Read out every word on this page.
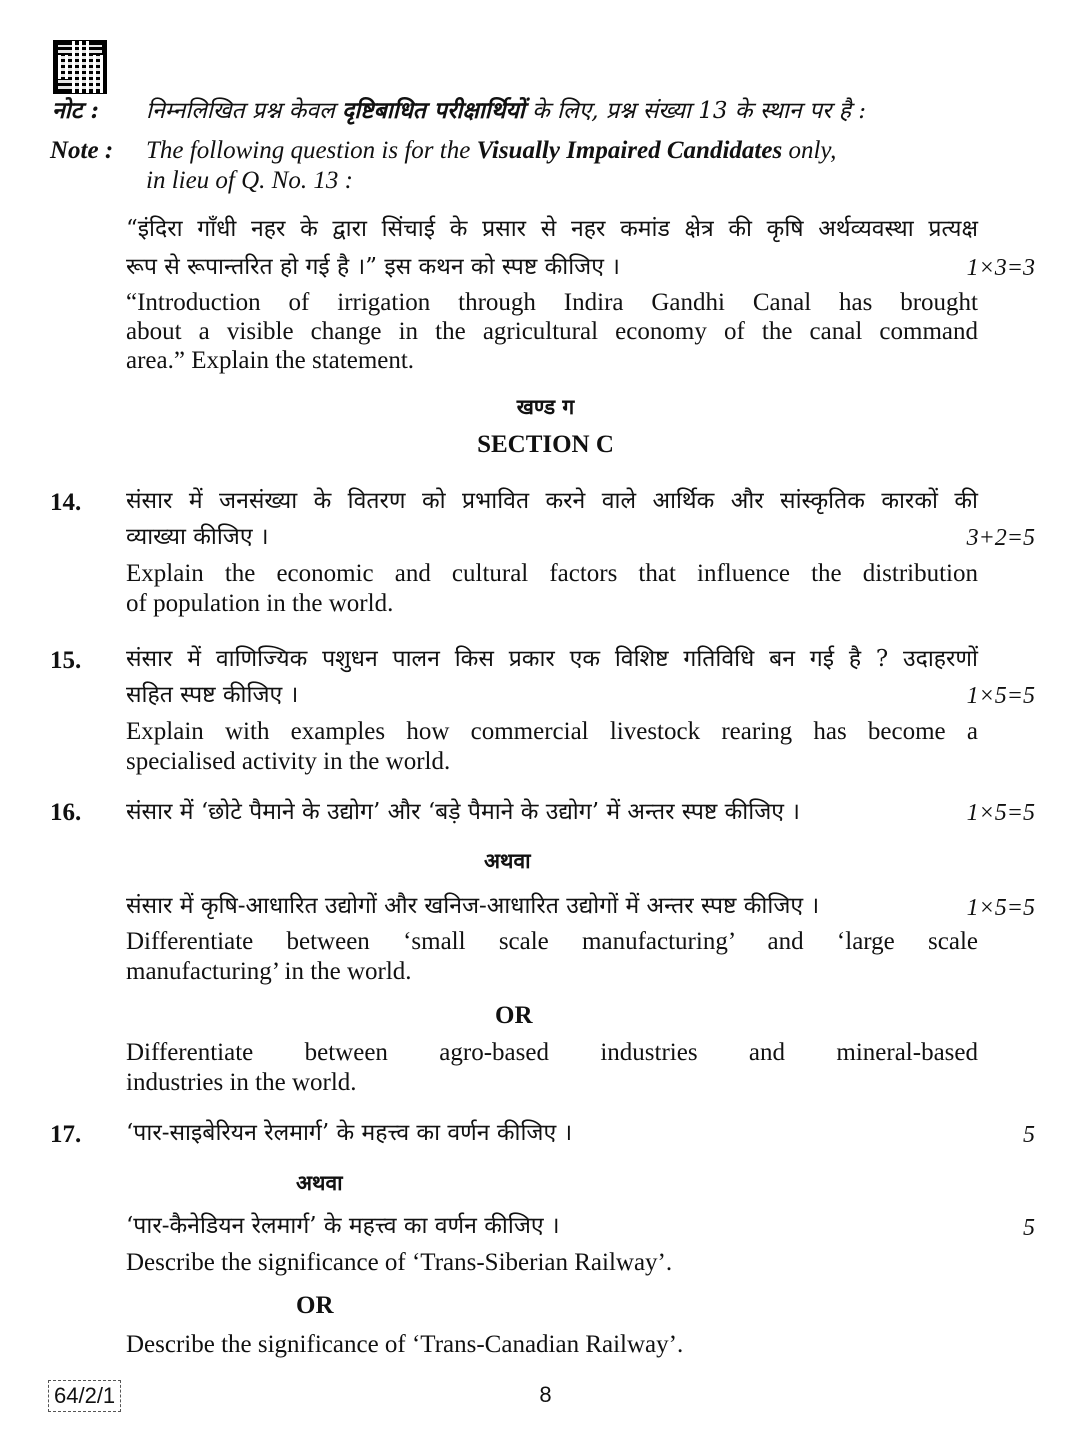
नोट : निम्नलिखित प्रश्न केवल दृष्टिबाधित परीक्षार्थियों के लिए, प्रश्न संख्या 13 के स्थान पर है :
Note : The following question is for the Visually Impaired Candidates only,
in lieu of Q. No. 13 :
“इंदिरा गाँधी नहर के द्वारा सिंचाई के प्रसार से नहर कमांड क्षेत्र की कृषि अर्थव्यवस्था प्रत्यक्ष
रूप से रूपान्तरित हो गई है ।” इस कथन को स्पष्ट कीजिए ।	1×3=3
“Introduction of irrigation through Indira Gandhi Canal has brought
about a visible change in the agricultural economy of the canal command
area.” Explain the statement.
खण्ड ग
SECTION C
14. संसार में जनसंख्या के वितरण को प्रभावित करने वाले आर्थिक और सांस्कृतिक कारकों की
व्याख्या कीजिए ।	3+2=5
Explain the economic and cultural factors that influence the distribution
of population in the world.
15. संसार में वाणिज्यिक पशुधन पालन किस प्रकार एक विशिष्ट गतिविधि बन गई है ? उदाहरणों
सहित स्पष्ट कीजिए ।	1×5=5
Explain with examples how commercial livestock rearing has become a
specialised activity in the world.
16. संसार में ‘छोटे पैमाने के उद्योग’ और ‘बड़े पैमाने के उद्योग’ में अन्तर स्पष्ट कीजिए ।	1×5=5
अथवा
संसार में कृषि-आधारित उद्योगों और खनिज-आधारित उद्योगों में अन्तर स्पष्ट कीजिए ।	1×5=5
Differentiate between ‘small scale manufacturing’ and ‘large scale
manufacturing’ in the world.
OR
Differentiate between agro-based industries and mineral-based
industries in the world.
17. ‘पार-साइबेरियन रेलमार्ग’ के महत्त्व का वर्णन कीजिए ।	5
अथवा
‘पार-कैनेडियन रेलमार्ग’ के महत्त्व का वर्णन कीजिए ।	5
Describe the significance of ‘Trans-Siberian Railway’.
OR
Describe the significance of ‘Trans-Canadian Railway’.
64/2/1	8
